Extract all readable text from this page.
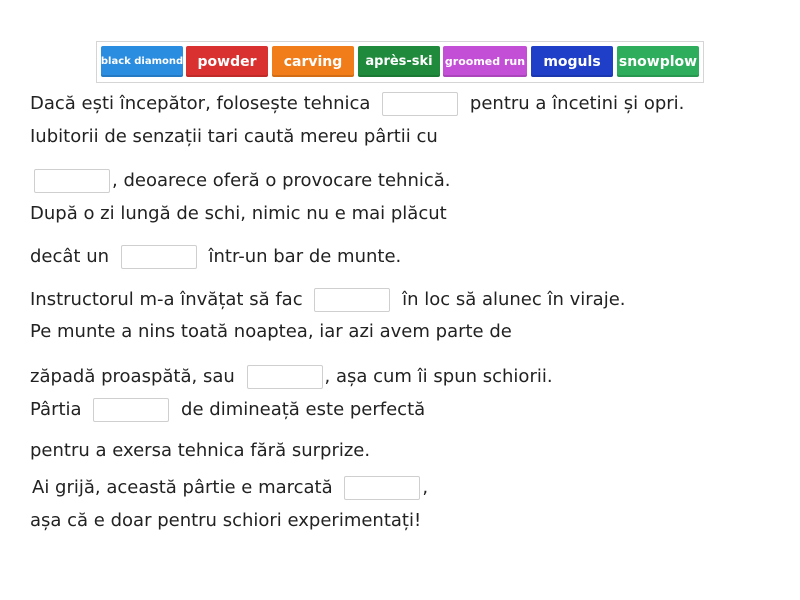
black diamond	powder	carving	après-ski	groomed run	moguls	snowplow
Dacă ești începător, folosește tehnica	pentru a încetini și opri.
Iubitorii de senzații tari caută mereu pârtii cu
, deoarece oferă o provocare tehnică.
După o zi lungă de schi, nimic nu e mai plăcut
decât un	într-un bar de munte.
Instructorul m-a învățat să fac	în loc să alunec în viraje.
Pe munte a nins toată noaptea, iar azi avem parte de
zăpadă proaspătă, sau	, așa cum îi spun schiorii.
Pârtia	de dimineață este perfectă
pentru a exersa tehnica fără surprize.
Ai grijă, această pârtie e marcată	,
așa că e doar pentru schiori experimentați!
